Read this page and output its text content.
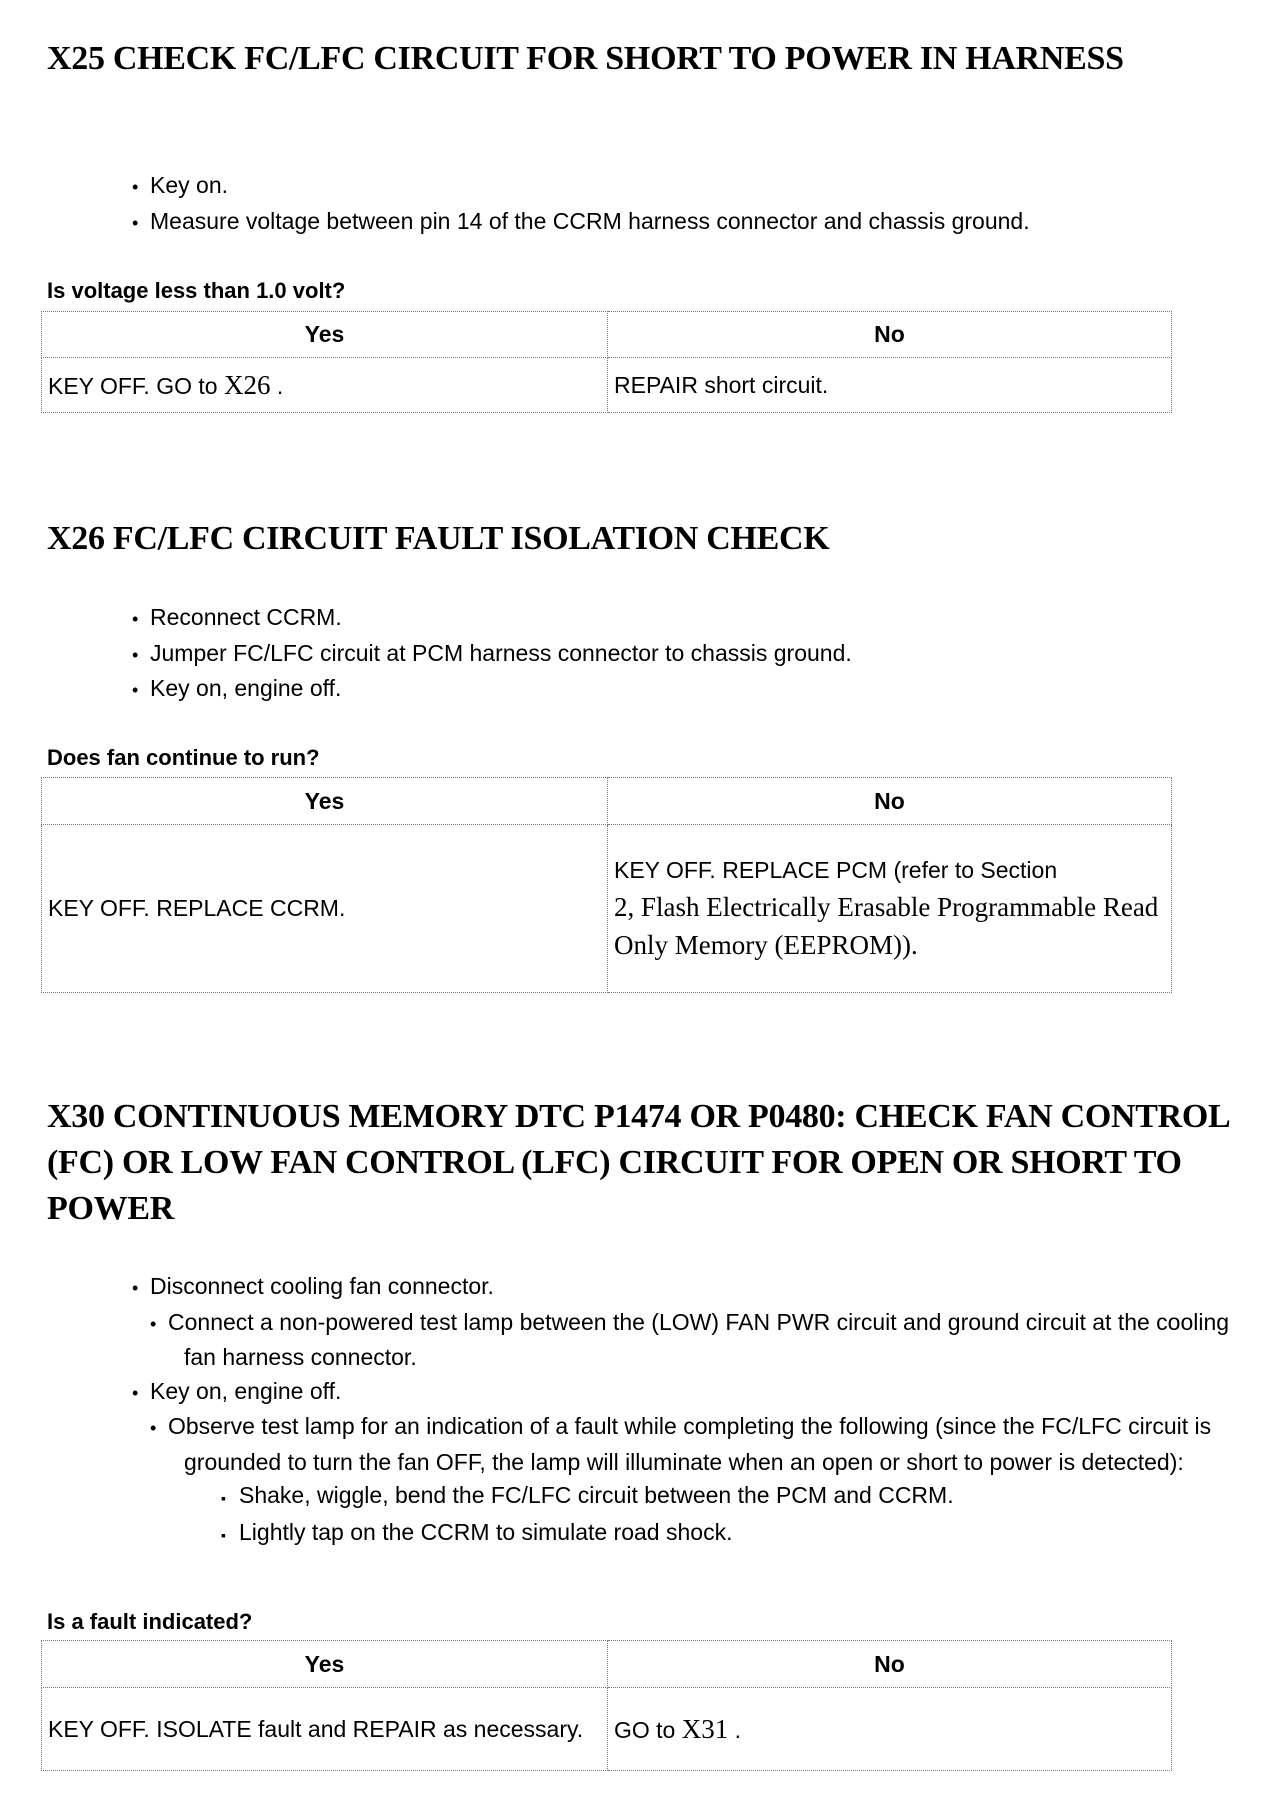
X25 CHECK FC/LFC CIRCUIT FOR SHORT TO POWER IN HARNESS
• Key on.
• Measure voltage between pin 14 of the CCRM harness connector and chassis ground.
Is voltage less than 1.0 volt?
Yes	No
KEY OFF. GO to X26 .	REPAIR short circuit.
X26 FC/LFC CIRCUIT FAULT ISOLATION CHECK
• Reconnect CCRM.
• Jumper FC/LFC circuit at PCM harness connector to chassis ground.
• Key on, engine off.
Does fan continue to run?
Yes	No
KEY OFF. REPLACE CCRM.	KEY OFF. REPLACE PCM (refer to Section
2, Flash Electrically Erasable Programmable Read Only Memory (EEPROM)).
X30 CONTINUOUS MEMORY DTC P1474 OR P0480: CHECK FAN CONTROL (FC) OR LOW FAN CONTROL (LFC) CIRCUIT FOR OPEN OR SHORT TO POWER
• Disconnect cooling fan connector.
• Connect a non-powered test lamp between the (LOW) FAN PWR circuit and ground circuit at the cooling fan harness connector.
• Key on, engine off.
• Observe test lamp for an indication of a fault while completing the following (since the FC/LFC circuit is grounded to turn the fan OFF, the lamp will illuminate when an open or short to power is detected):
▪ Shake, wiggle, bend the FC/LFC circuit between the PCM and CCRM.
▪ Lightly tap on the CCRM to simulate road shock.
Is a fault indicated?
Yes	No
KEY OFF. ISOLATE fault and REPAIR as necessary.	GO to X31 .
